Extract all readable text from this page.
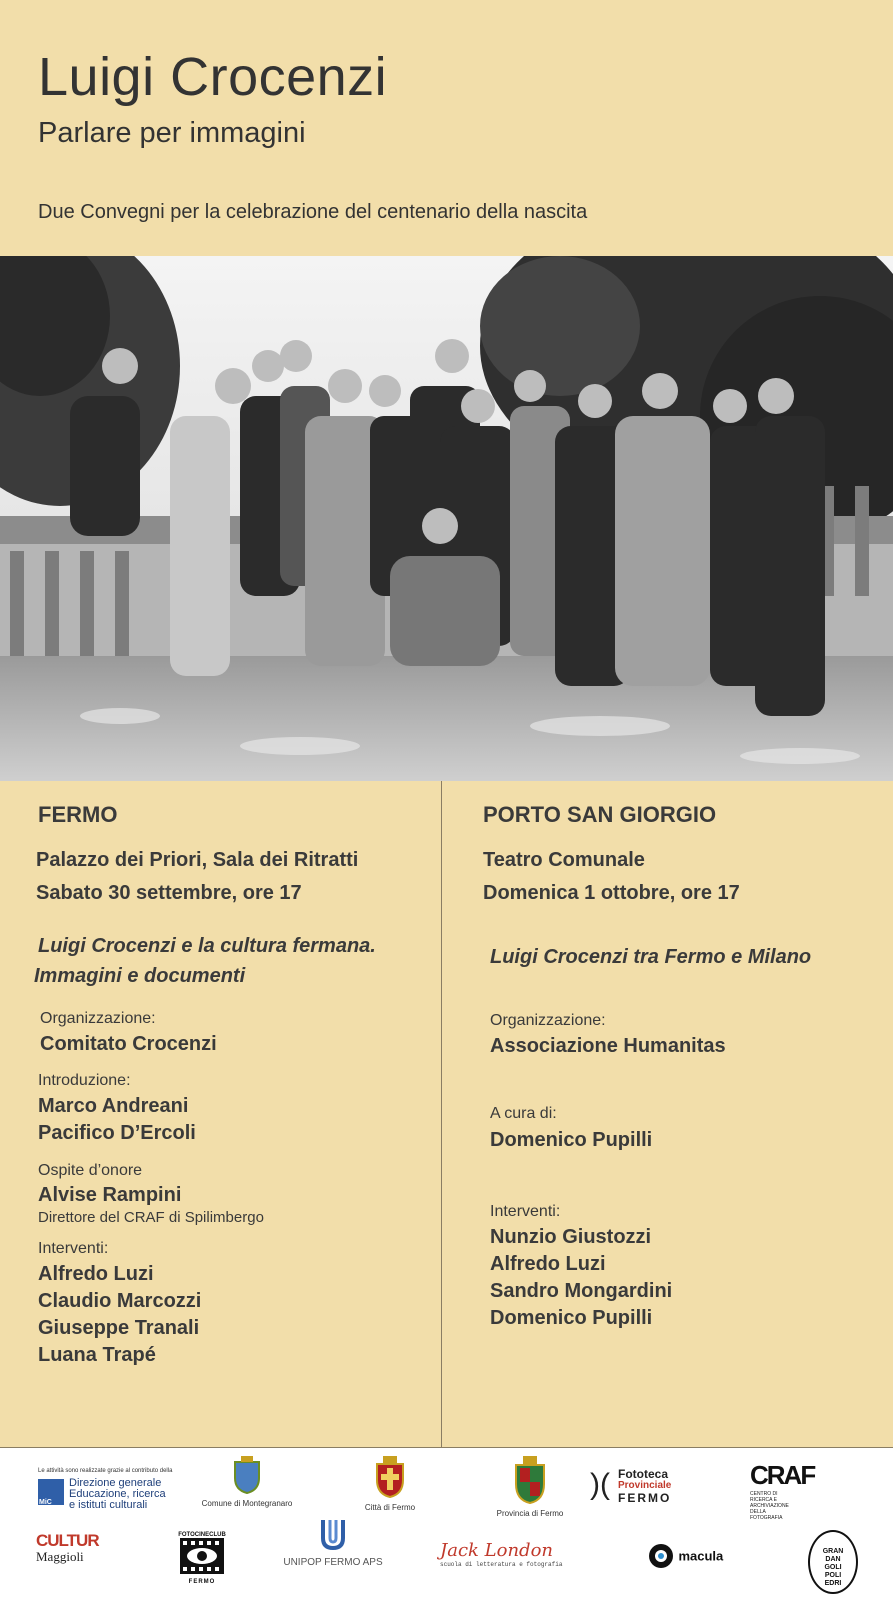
Luigi Crocenzi
Parlare per immagini
Due Convegni per la celebrazione del centenario della nascita
FERMO
Palazzo dei Priori, Sala dei Ritratti
Sabato 30 settembre, ore 17
Luigi Crocenzi e la cultura fermana.
Immagini e documenti
Organizzazione:
Comitato Crocenzi
Introduzione:
Marco Andreani
Pacifico D’Ercoli
Ospite d’onore
Alvise Rampini
Direttore del CRAF di Spilimbergo
Interventi:
Alfredo Luzi
Claudio Marcozzi
Giuseppe Tranali
Luana Trapé
PORTO SAN GIORGIO
Teatro Comunale
Domenica 1 ottobre, ore 17
Luigi Crocenzi tra Fermo e Milano
Organizzazione:
Associazione Humanitas
A cura di:
Domenico Pupilli
Interventi:
Nunzio Giustozzi
Alfredo Luzi
Sandro Mongardini
Domenico Pupilli
Le attività sono realizzate grazie al contributo della
MiC
Direzione generale
Educazione, ricerca
e istituti culturali	Comune di Montegranaro	Città di Fermo
Provincia di Fermo
)( Fototeca
Provinciale
FERMO
CRAF
CENTRO DI RICERCA E ARCHIVIAZIONE DELLA FOTOGRAFIA
CULTUR
Maggioli
FOTOCINECLUB
FERMO
UNIPOP FERMO APS
Jack London
scuola di letteratura e fotografia
macula	GRAN DAN GOLI POLI EDRI
